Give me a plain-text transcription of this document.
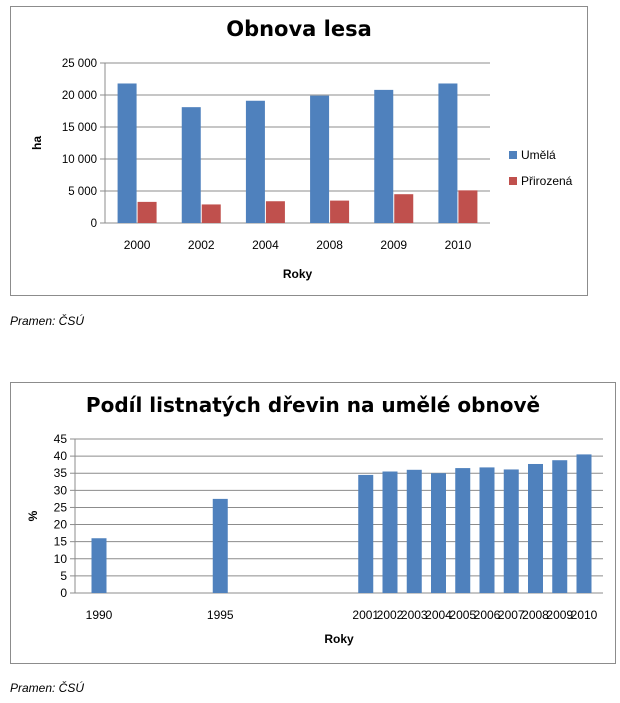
Obnova lesa
0
5 000
10 000
15 000
20 000
25 000
2000	2002	2004	2008	2009	2010
Roky
ha
Umělá
Přirozená
Pramen: ČSÚ
Podíl listnatých dřevin na umělé obnově
0
5
10
15
20
25
30
35
40
45
1990	1995	2001
2002
2003
2004
2005
2006
2007
2008
2009
2010
Roky
%
Pramen: ČSÚ
